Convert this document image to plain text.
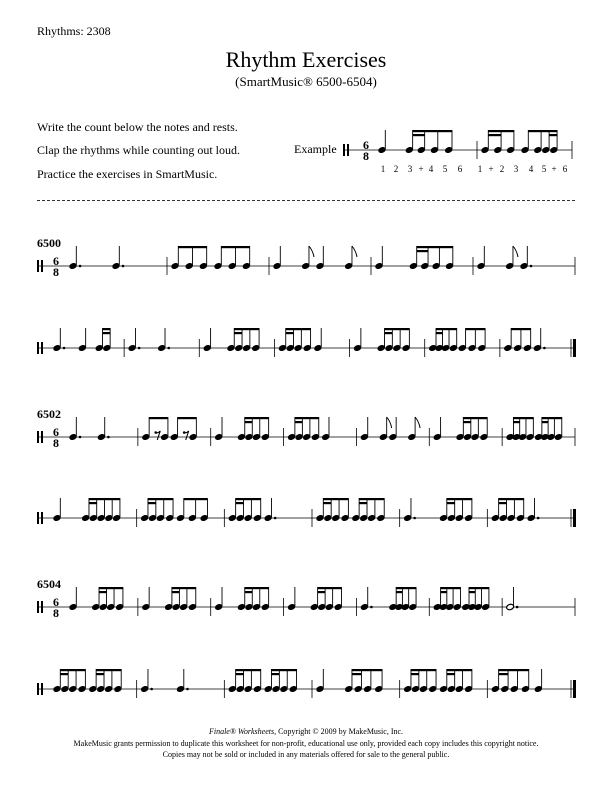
Rhythms: 2308
Rhythm Exercises
(SmartMusic® 6500-6504)
Write the count below the notes and rests.
Clap the rhythms while counting out loud.
Practice the exercises in SmartMusic.
Example
6500
6502
6504
6
8
1 2 3 + 4 5 6 1 + 2 3 4 5 + 6
6
8
6
8
6
8
Finale® Worksheets, Copyright © 2009 by MakeMusic, Inc.
MakeMusic grants permission to duplicate this worksheet for non-profit, educational use only, provided each copy includes this copyright notice.
Copies may not be sold or included in any materials offered for sale to the general public.
